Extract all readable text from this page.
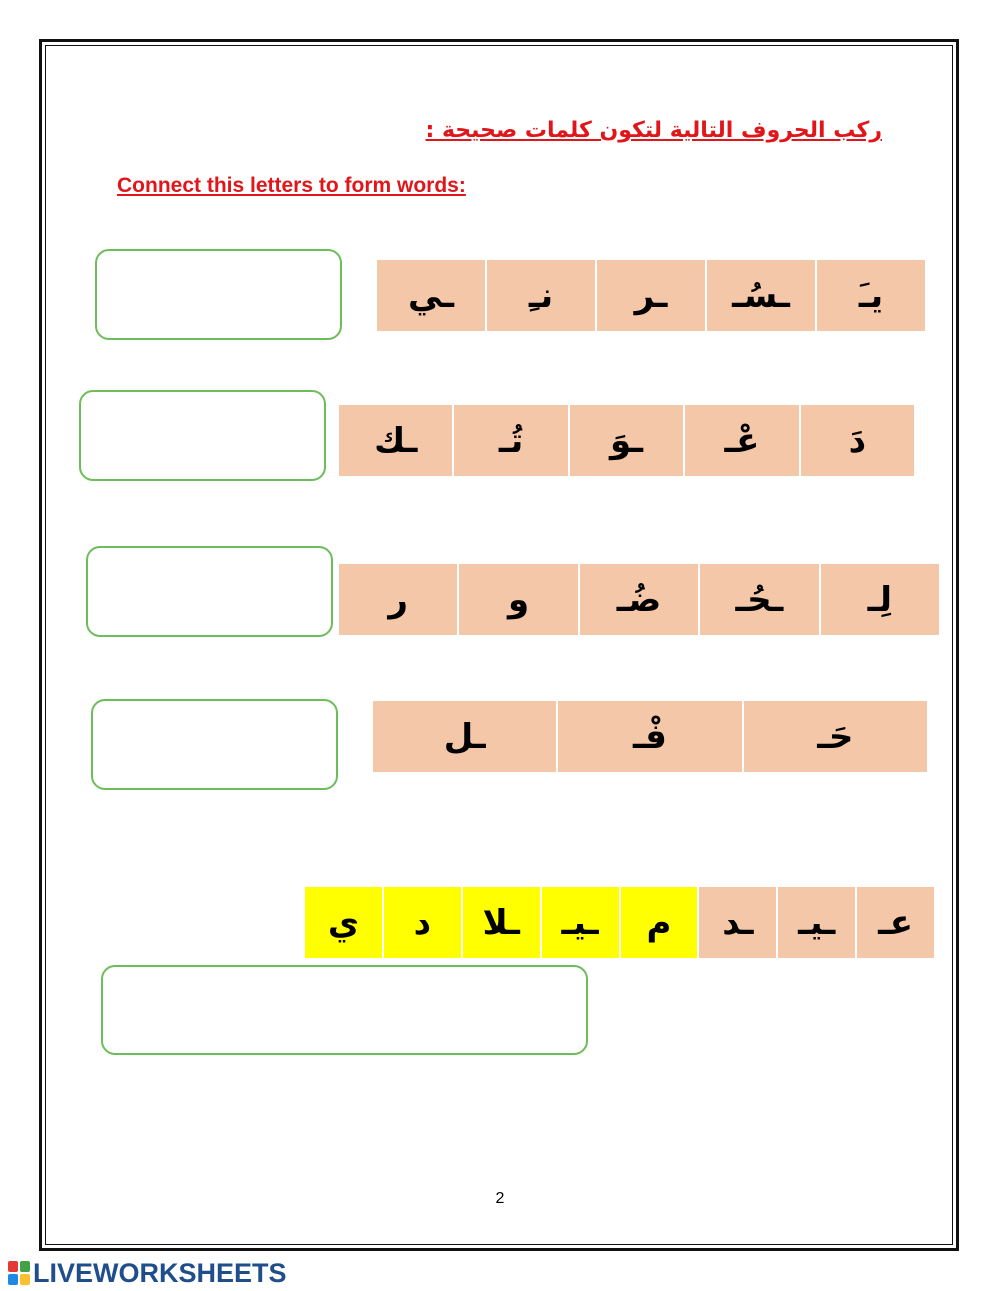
ركب الحروف التالية لتكون كلمات صحيحة :
Connect this letters to form words:
ـي	نـِ	ـر	ـسُـ	يـَ
ـك	تُـ	ـوَ	عْـ	دَ
ر	و	ضُـ	ـحُـ	لِـ
ـل	فْـ	حَـ
ي	د	ـلا	ـيـ	م	ـد	ـيـ	عـ
2
LIVEWORKSHEETS
